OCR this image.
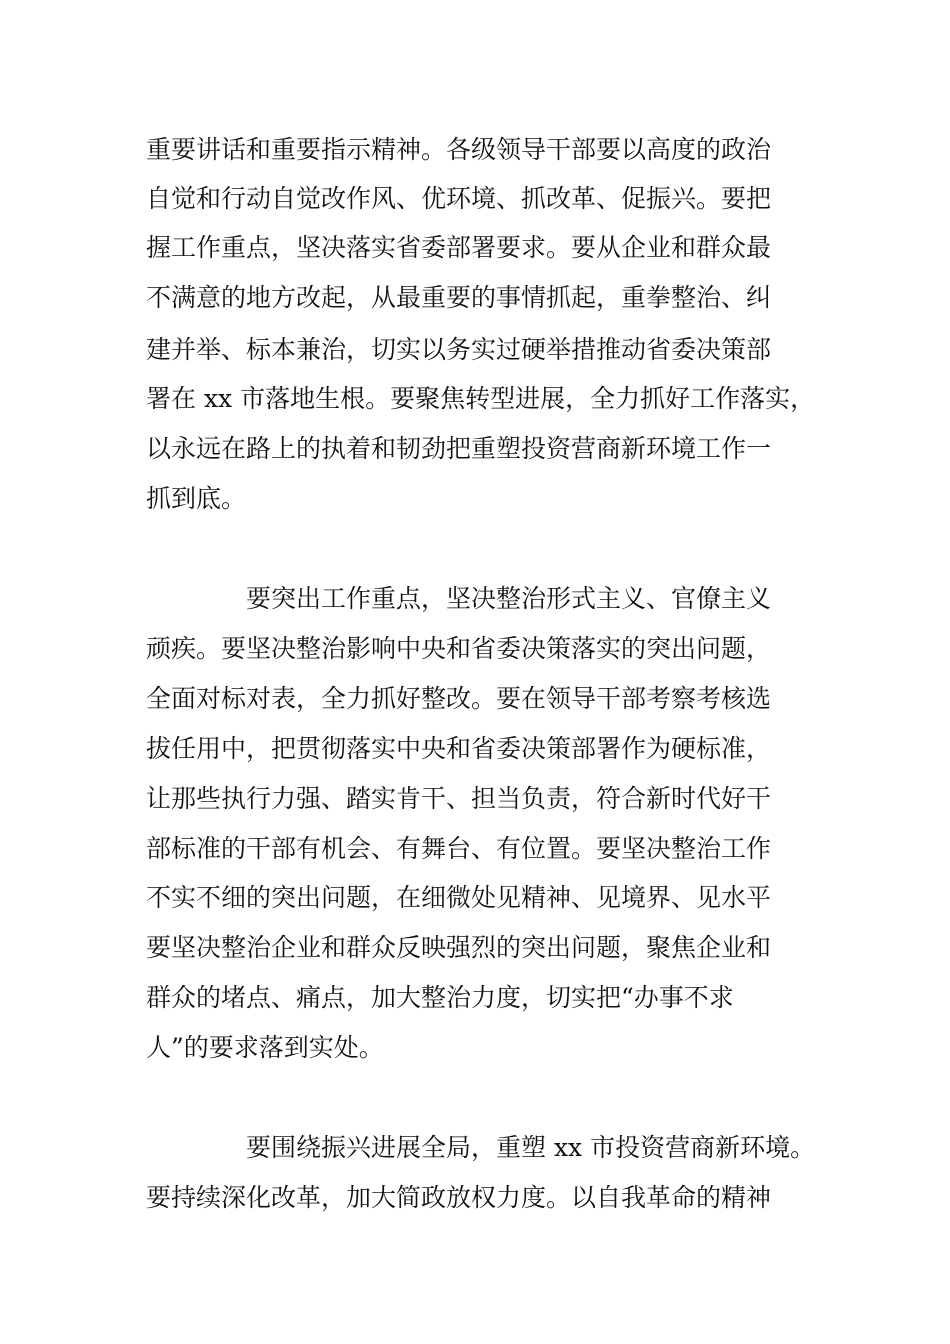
重要讲话和重要指示精神。各级领导干部要以高度的政治

自觉和行动自觉改作风、优环境、抓改革、促振兴。要把

握工作重点，坚决落实省委部署要求。要从企业和群众最

不满意的地方改起，从最重要的事情抓起，重拳整治、纠

建并举、标本兼治，切实以务实过硬举措推动省委决策部

署在 xx 市落地生根。要聚焦转型进展，全力抓好工作落实，

以永远在路上的执着和韧劲把重塑投资营商新环境工作一

抓到底。

要突出工作重点，坚决整治形式主义、官僚主义

顽疾。要坚决整治影响中央和省委决策落实的突出问题，

全面对标对表，全力抓好整改。要在领导干部考察考核选

拔任用中，把贯彻落实中央和省委决策部署作为硬标准，

让那些执行力强、踏实肯干、担当负责，符合新时代好干

部标准的干部有机会、有舞台、有位置。要坚决整治工作

不实不细的突出问题，在细微处见精神、见境界、见水平

要坚决整治企业和群众反映强烈的突出问题，聚焦企业和

群众的堵点、痛点，加大整治力度，切实把“办事不求

人”的要求落到实处。

要围绕振兴进展全局，重塑 xx 市投资营商新环境。

要持续深化改革，加大简政放权力度。以自我革命的精神
